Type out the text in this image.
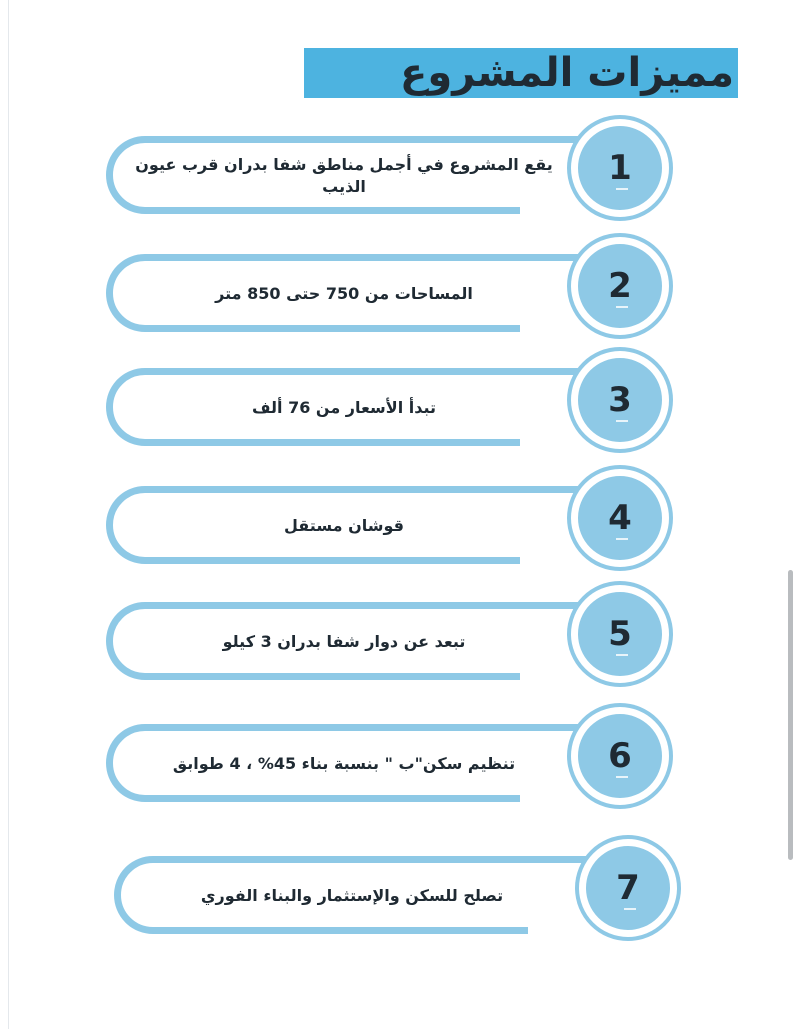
مميزات المشروع
يقع المشروع في أجمل مناطق شفا بدران قرب عيون الذيب	1
المساحات من 750 حتى 850 متر	2
تبدأ الأسعار من 76 ألف	3
قوشان مستقل	4
تبعد عن دوار شفا بدران 3 كيلو	5
تنظيم سكن"ب " بنسبة بناء 45% ، 4 طوابق	6
تصلح للسكن والإستثمار والبناء الفوري	7
